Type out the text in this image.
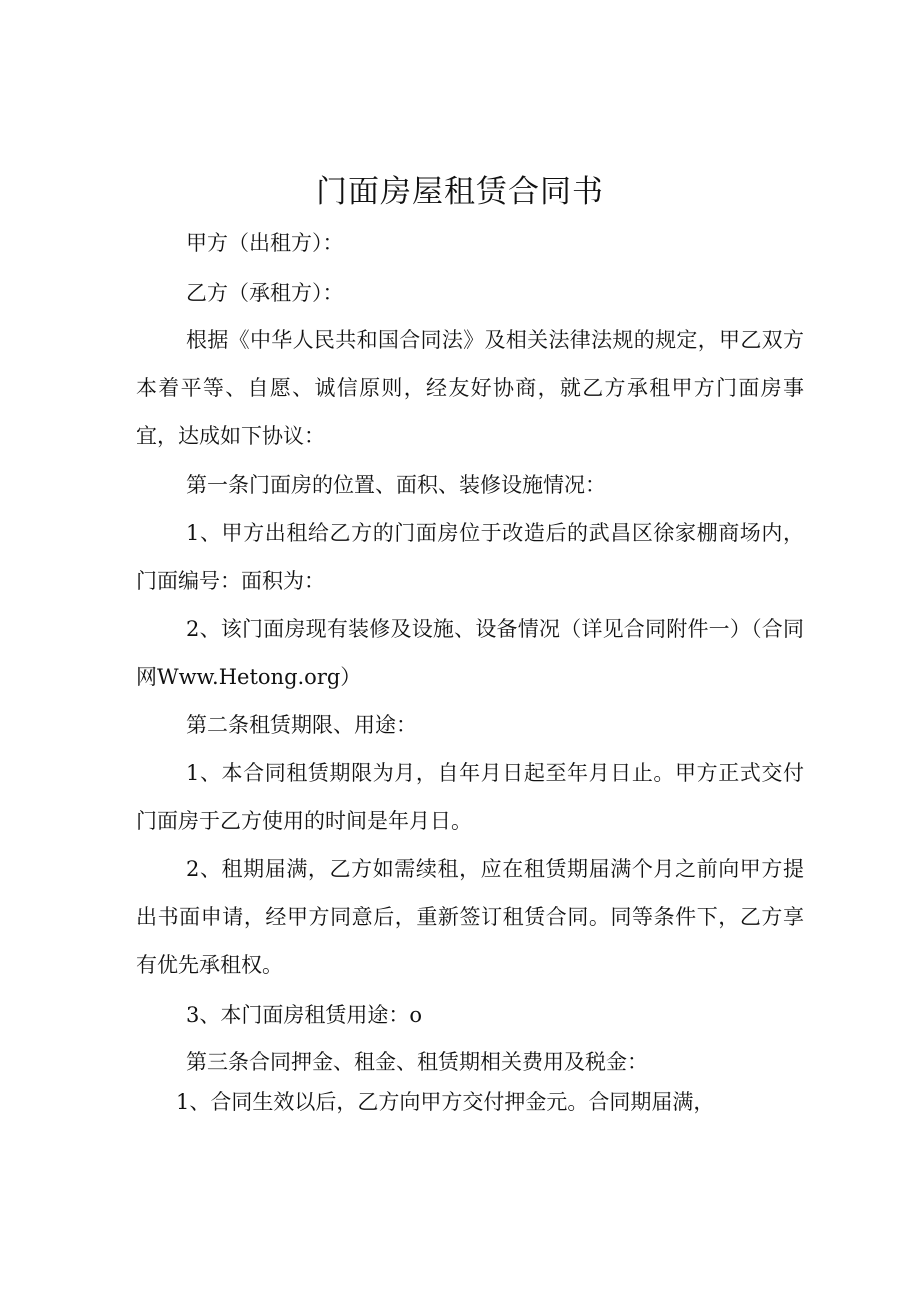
门面房屋租赁合同书

甲方（出租方）：

乙方（承租方）：

根据《中华人民共和国合同法》及相关法律法规的规定，甲乙双方本着平等、自愿、诚信原则，经友好协商，就乙方承租甲方门面房事宜，达成如下协议：

第一条门面房的位置、面积、装修设施情况：

1、甲方出租给乙方的门面房位于改造后的武昌区徐家棚商场内，门面编号：面积为：

2、该门面房现有装修及设施、设备情况（详见合同附件一）（合同网Www.Hetong.org）

第二条租赁期限、用途：

1、本合同租赁期限为月，自年月日起至年月日止。甲方正式交付门面房于乙方使用的时间是年月日。

2、租期届满，乙方如需续租，应在租赁期届满个月之前向甲方提出书面申请，经甲方同意后，重新签订租赁合同。同等条件下，乙方享有优先承租权。

3、本门面房租赁用途：o

第三条合同押金、租金、租赁期相关费用及税金：

1、合同生效以后，乙方向甲方交付押金元。合同期届满，
